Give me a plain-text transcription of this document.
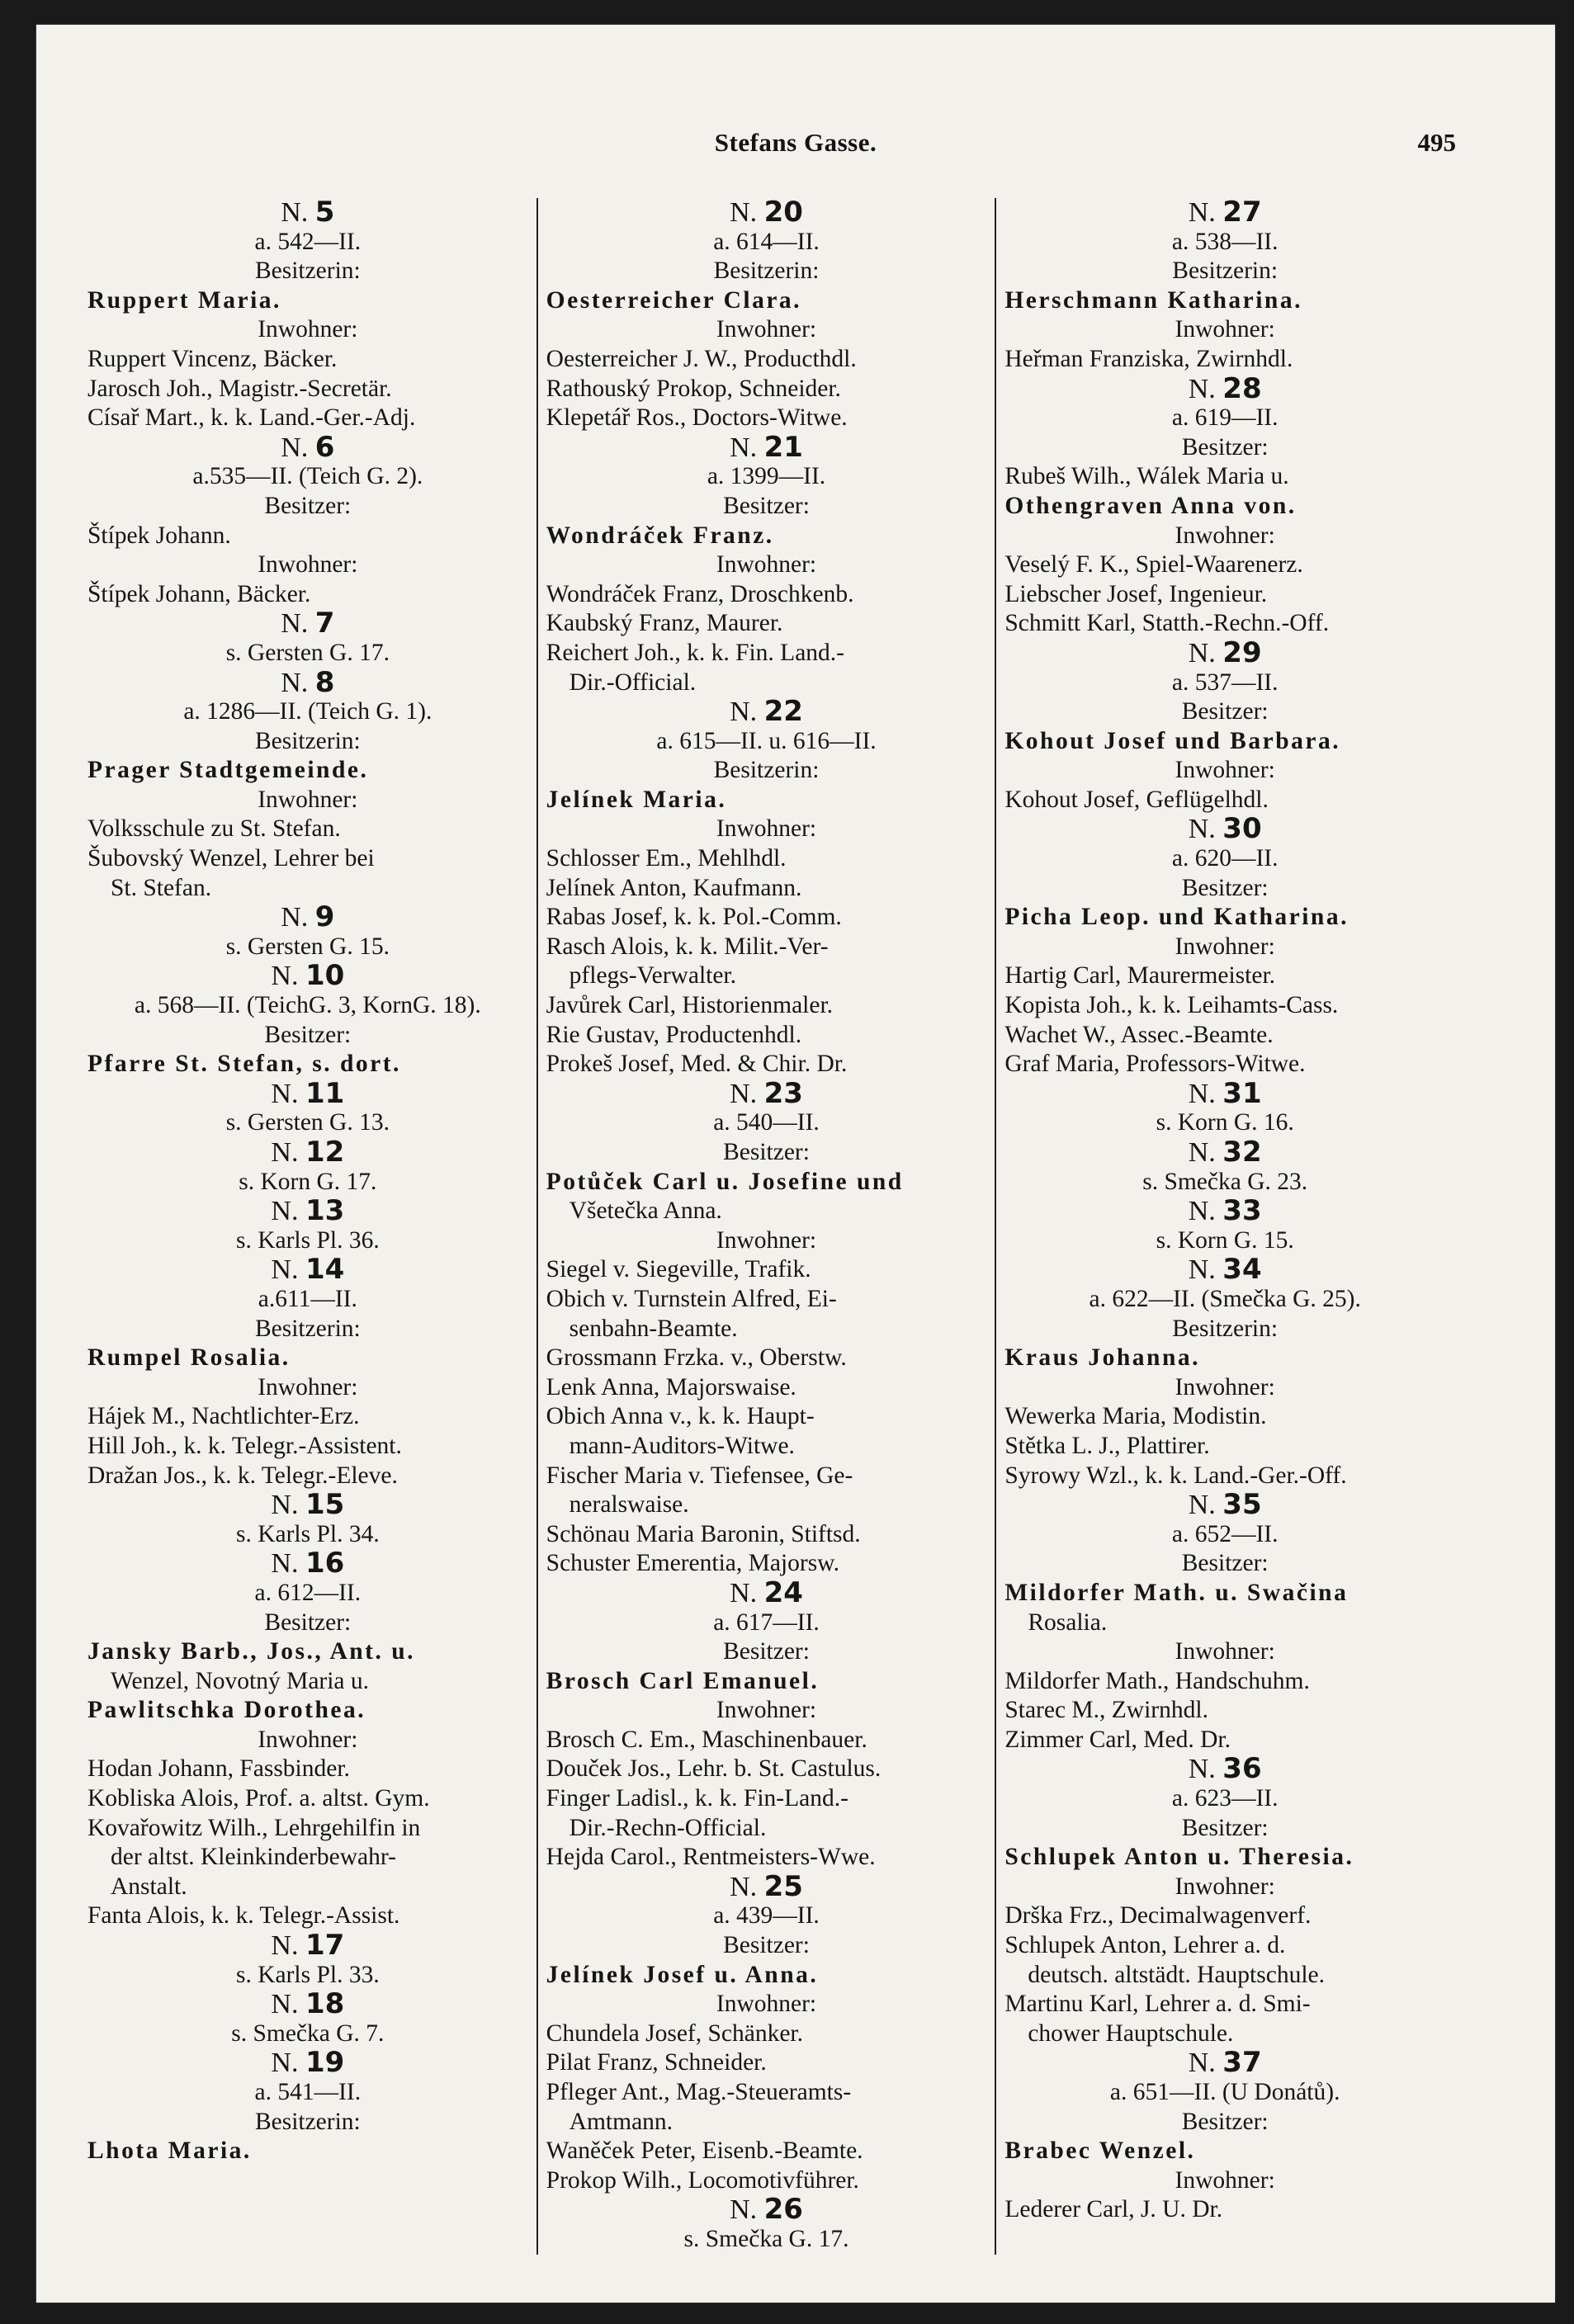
Stefans Gasse.	495
N. 5
a. 542—II.
Besitzerin:
Ruppert Maria.
Inwohner:
Ruppert Vincenz, Bäcker.
Jarosch Joh., Magistr.-Secretär.
Císař Mart., k. k. Land.-Ger.-Adj.
N. 6
a.535—II. (Teich G. 2).
Besitzer:
Štípek Johann.
Inwohner:
Štípek Johann, Bäcker.
N. 7
s. Gersten G. 17.
N. 8
a. 1286—II. (Teich G. 1).
Besitzerin:
Prager Stadtgemeinde.
Inwohner:
Volksschule zu St. Stefan.
Šubovský Wenzel, Lehrer bei
St. Stefan.
N. 9
s. Gersten G. 15.
N. 10
a. 568—II. (TeichG. 3, KornG. 18).
Besitzer:
Pfarre St. Stefan, s. dort.
N. 11
s. Gersten G. 13.
N. 12
s. Korn G. 17.
N. 13
s. Karls Pl. 36.
N. 14
a.611—II.
Besitzerin:
Rumpel Rosalia.
Inwohner:
Hájek M., Nachtlichter-Erz.
Hill Joh., k. k. Telegr.-Assistent.
Dražan Jos., k. k. Telegr.-Eleve.
N. 15
s. Karls Pl. 34.
N. 16
a. 612—II.
Besitzer:
Jansky Barb., Jos., Ant. u.
Wenzel, Novotný Maria u.
Pawlitschka Dorothea.
Inwohner:
Hodan Johann, Fassbinder.
Kobliska Alois, Prof. a. altst. Gym.
Kovařowitz Wilh., Lehrgehilfin in
der altst. Kleinkinderbewahr-
Anstalt.
Fanta Alois, k. k. Telegr.-Assist.
N. 17
s. Karls Pl. 33.
N. 18
s. Smečka G. 7.
N. 19
a. 541—II.
Besitzerin:
Lhota Maria.
N. 20
a. 614—II.
Besitzerin:
Oesterreicher Clara.
Inwohner:
Oesterreicher J. W., Producthdl.
Rathouský Prokop, Schneider.
Klepetář Ros., Doctors-Witwe.
N. 21
a. 1399—II.
Besitzer:
Wondráček Franz.
Inwohner:
Wondráček Franz, Droschkenb.
Kaubský Franz, Maurer.
Reichert Joh., k. k. Fin. Land.-
Dir.-Official.
N. 22
a. 615—II. u. 616—II.
Besitzerin:
Jelínek Maria.
Inwohner:
Schlosser Em., Mehlhdl.
Jelínek Anton, Kaufmann.
Rabas Josef, k. k. Pol.-Comm.
Rasch Alois, k. k. Milit.-Ver-
pflegs-Verwalter.
Javůrek Carl, Historienmaler.
Rie Gustav, Productenhdl.
Prokeš Josef, Med. & Chir. Dr.
N. 23
a. 540—II.
Besitzer:
Potůček Carl u. Josefine und
Všetečka Anna.
Inwohner:
Siegel v. Siegeville, Trafik.
Obich v. Turnstein Alfred, Ei-
senbahn-Beamte.
Grossmann Frzka. v., Oberstw.
Lenk Anna, Majorswaise.
Obich Anna v., k. k. Haupt-
mann-Auditors-Witwe.
Fischer Maria v. Tiefensee, Ge-
neralswaise.
Schönau Maria Baronin, Stiftsd.
Schuster Emerentia, Majorsw.
N. 24
a. 617—II.
Besitzer:
Brosch Carl Emanuel.
Inwohner:
Brosch C. Em., Maschinenbauer.
Douček Jos., Lehr. b. St. Castulus.
Finger Ladisl., k. k. Fin-Land.-
Dir.-Rechn-Official.
Hejda Carol., Rentmeisters-Wwe.
N. 25
a. 439—II.
Besitzer:
Jelínek Josef u. Anna.
Inwohner:
Chundela Josef, Schänker.
Pilat Franz, Schneider.
Pfleger Ant., Mag.-Steueramts-
Amtmann.
Waněček Peter, Eisenb.-Beamte.
Prokop Wilh., Locomotivführer.
N. 26
s. Smečka G. 17.
N. 27
a. 538—II.
Besitzerin:
Herschmann Katharina.
Inwohner:
Heřman Franziska, Zwirnhdl.
N. 28
a. 619—II.
Besitzer:
Rubeš Wilh., Wálek Maria u.
Othengraven Anna von.
Inwohner:
Veselý F. K., Spiel-Waarenerz.
Liebscher Josef, Ingenieur.
Schmitt Karl, Statth.-Rechn.-Off.
N. 29
a. 537—II.
Besitzer:
Kohout Josef und Barbara.
Inwohner:
Kohout Josef, Geflügelhdl.
N. 30
a. 620—II.
Besitzer:
Picha Leop. und Katharina.
Inwohner:
Hartig Carl, Maurermeister.
Kopista Joh., k. k. Leihamts-Cass.
Wachet W., Assec.-Beamte.
Graf Maria, Professors-Witwe.
N. 31
s. Korn G. 16.
N. 32
s. Smečka G. 23.
N. 33
s. Korn G. 15.
N. 34
a. 622—II. (Smečka G. 25).
Besitzerin:
Kraus Johanna.
Inwohner:
Wewerka Maria, Modistin.
Stětka L. J., Plattirer.
Syrowy Wzl., k. k. Land.-Ger.-Off.
N. 35
a. 652—II.
Besitzer:
Mildorfer Math. u. Swačina
Rosalia.
Inwohner:
Mildorfer Math., Handschuhm.
Starec M., Zwirnhdl.
Zimmer Carl, Med. Dr.
N. 36
a. 623—II.
Besitzer:
Schlupek Anton u. Theresia.
Inwohner:
Drška Frz., Decimalwagenverf.
Schlupek Anton, Lehrer a. d.
deutsch. altstädt. Hauptschule.
Martinu Karl, Lehrer a. d. Smi-
chower Hauptschule.
N. 37
a. 651—II. (U Donátů).
Besitzer:
Brabec Wenzel.
Inwohner:
Lederer Carl, J. U. Dr.
